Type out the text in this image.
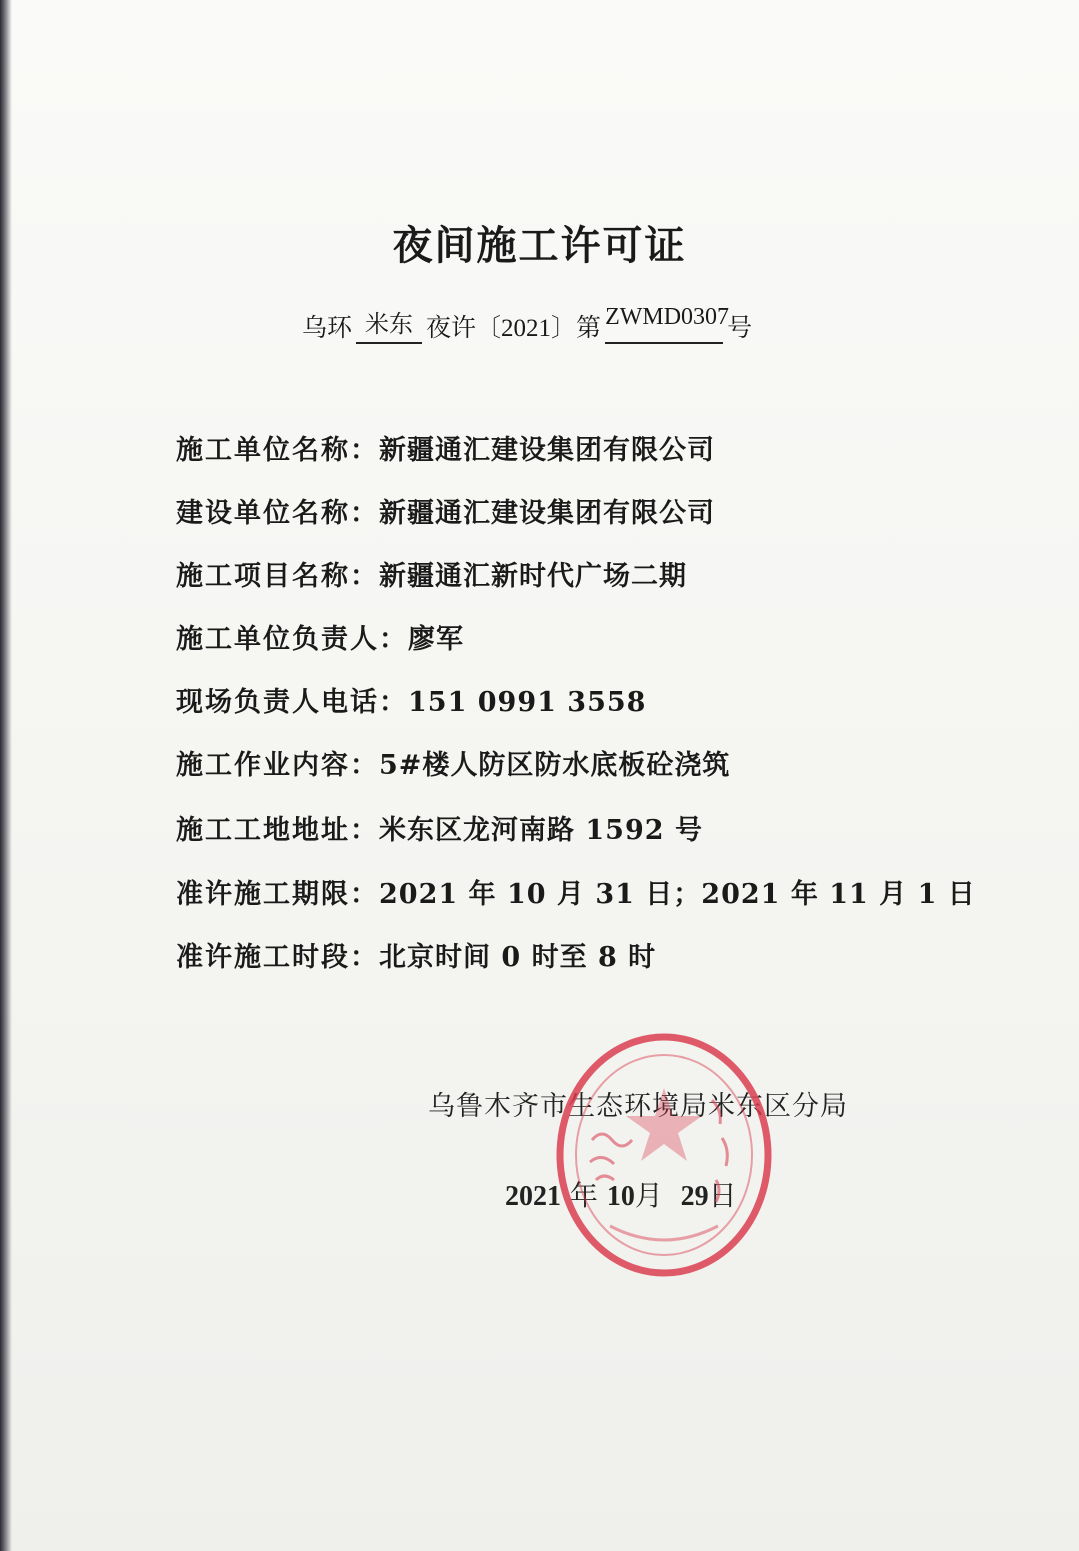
夜间施工许可证
乌环 米东 夜许 〔2021〕 第 ZWMD0307
号
施工单位名称：新疆通汇建设集团有限公司
建设单位名称：新疆通汇建设集团有限公司
施工项目名称：新疆通汇新时代广场二期
施工单位负责人：廖军
现场负责人电话：151 0991 3558
施工作业内容：5#楼人防区防水底板砼浇筑
施工工地地址：米东区龙河南路 1592 号
准许施工期限：2021 年 10 月 31 日；2021 年 11 月 1 日
准许施工时段：北京时间 0 时至 8 时
乌鲁木齐市生态环境局米东区分局
2021 年 10月 29日
